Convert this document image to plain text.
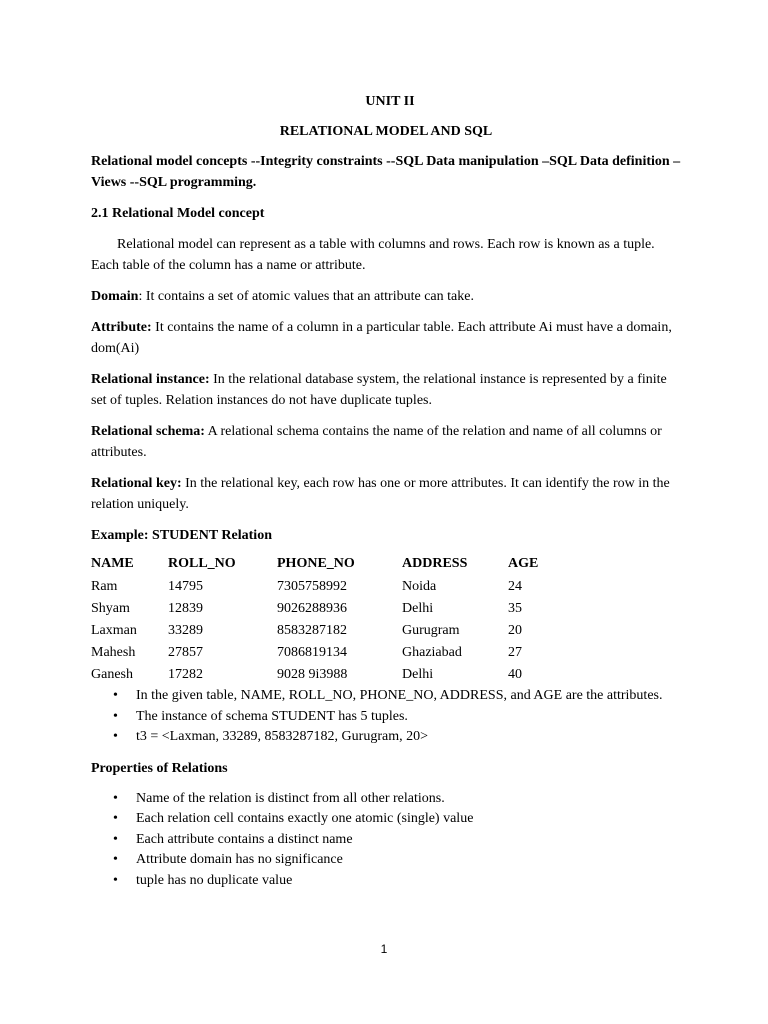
UNIT II

RELATIONAL MODEL AND SQL

Relational model concepts --Integrity constraints --SQL Data manipulation –SQL Data definition –Views --SQL programming.

2.1 Relational Model concept

Relational model can represent as a table with columns and rows. Each row is known as a tuple. Each table of the column has a name or attribute.

Domain: It contains a set of atomic values that an attribute can take.

Attribute: It contains the name of a column in a particular table. Each attribute Ai must have a domain, dom(Ai)

Relational instance: In the relational database system, the relational instance is represented by a finite set of tuples. Relation instances do not have duplicate tuples.

Relational schema: A relational schema contains the name of the relation and name of all columns or attributes.

Relational key: In the relational key, each row has one or more attributes. It can identify the row in the relation uniquely.

Example: STUDENT Relation

NAME	ROLL_NO	PHONE_NO	ADDRESS	AGE
Ram	14795	7305758992	Noida	24
Shyam	12839	9026288936	Delhi	35
Laxman	33289	8583287182	Gurugram	20
Mahesh	27857	7086819134	Ghaziabad	27
Ganesh	17282	9028 9i3988	Delhi	40
• In the given table, NAME, ROLL_NO, PHONE_NO, ADDRESS, and AGE are the attributes.
• The instance of schema STUDENT has 5 tuples.
• t3 = <Laxman, 33289, 8583287182, Gurugram, 20>

Properties of Relations

• Name of the relation is distinct from all other relations.
• Each relation cell contains exactly one atomic (single) value
• Each attribute contains a distinct name
• Attribute domain has no significance
• tuple has no duplicate value
1
